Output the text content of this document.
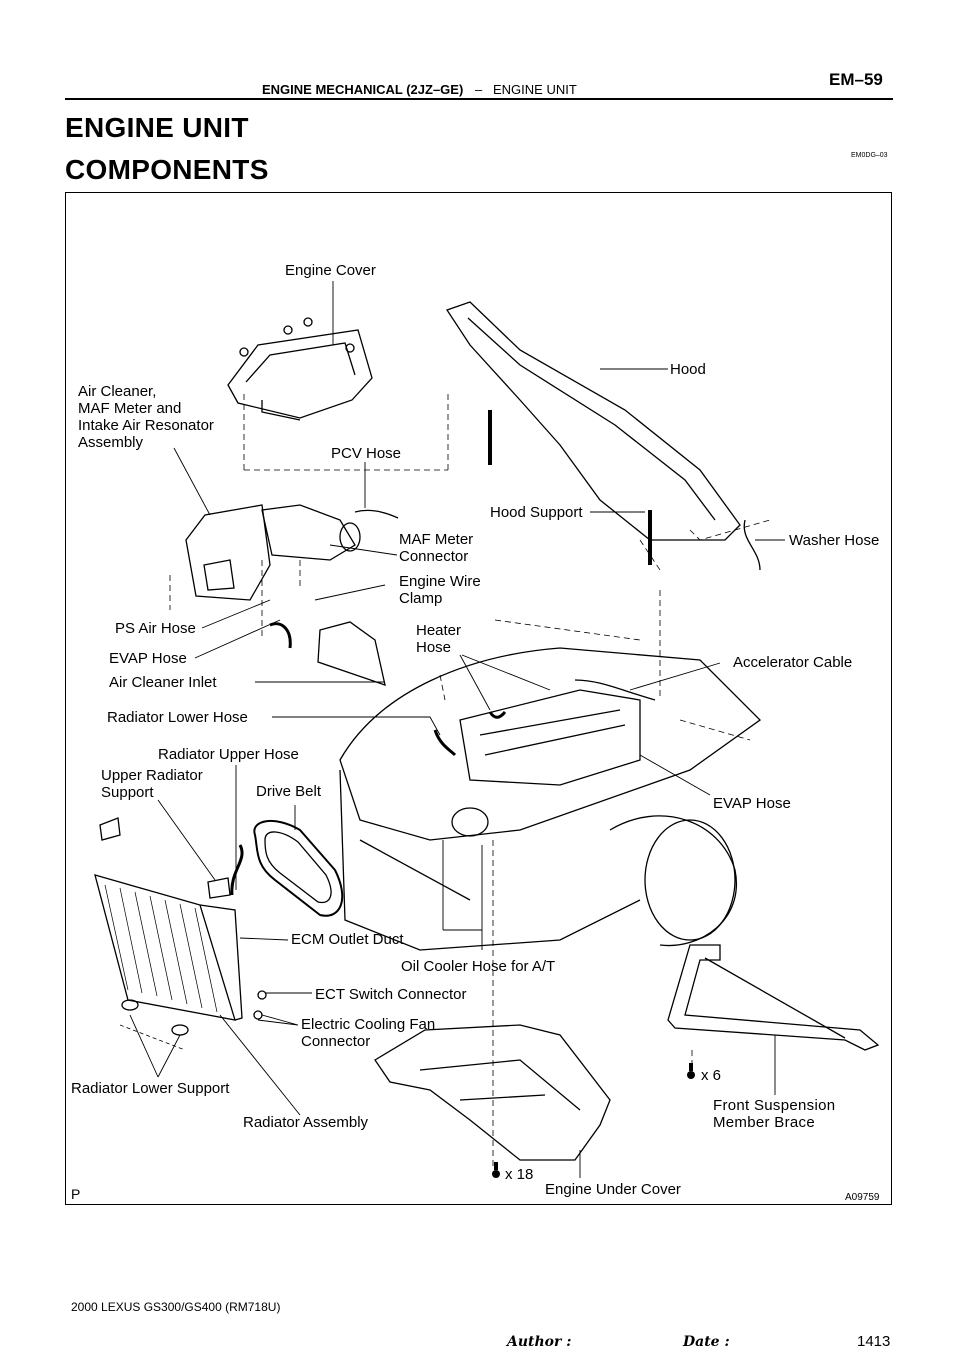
ENGINE MECHANICAL (2JZ–GE) – ENGINE UNIT
EM–59
ENGINE UNIT
COMPONENTS	EM0DG–03
Engine Cover
Hood
Air Cleaner,
MAF Meter and
Intake Air Resonator
Assembly
PCV Hose
Hood Support
Washer Hose
MAF Meter
Connector
Engine Wire
Clamp
PS Air Hose	Heater
Hose
EVAP Hose	Accelerator Cable
Air Cleaner Inlet
Radiator Lower Hose
Radiator Upper Hose
Upper Radiator
Support	Drive Belt
EVAP Hose
ECM Outlet Duct
Oil Cooler Hose for A/T
ECT Switch Connector
Electric Cooling Fan
Connector
x 6
Radiator Lower Support
Front Suspension
Member Brace
Radiator Assembly
x 18
Engine Under Cover
P	A09759
2000 LEXUS GS300/GS400 (RM718U)
Author :	Date :	1413
